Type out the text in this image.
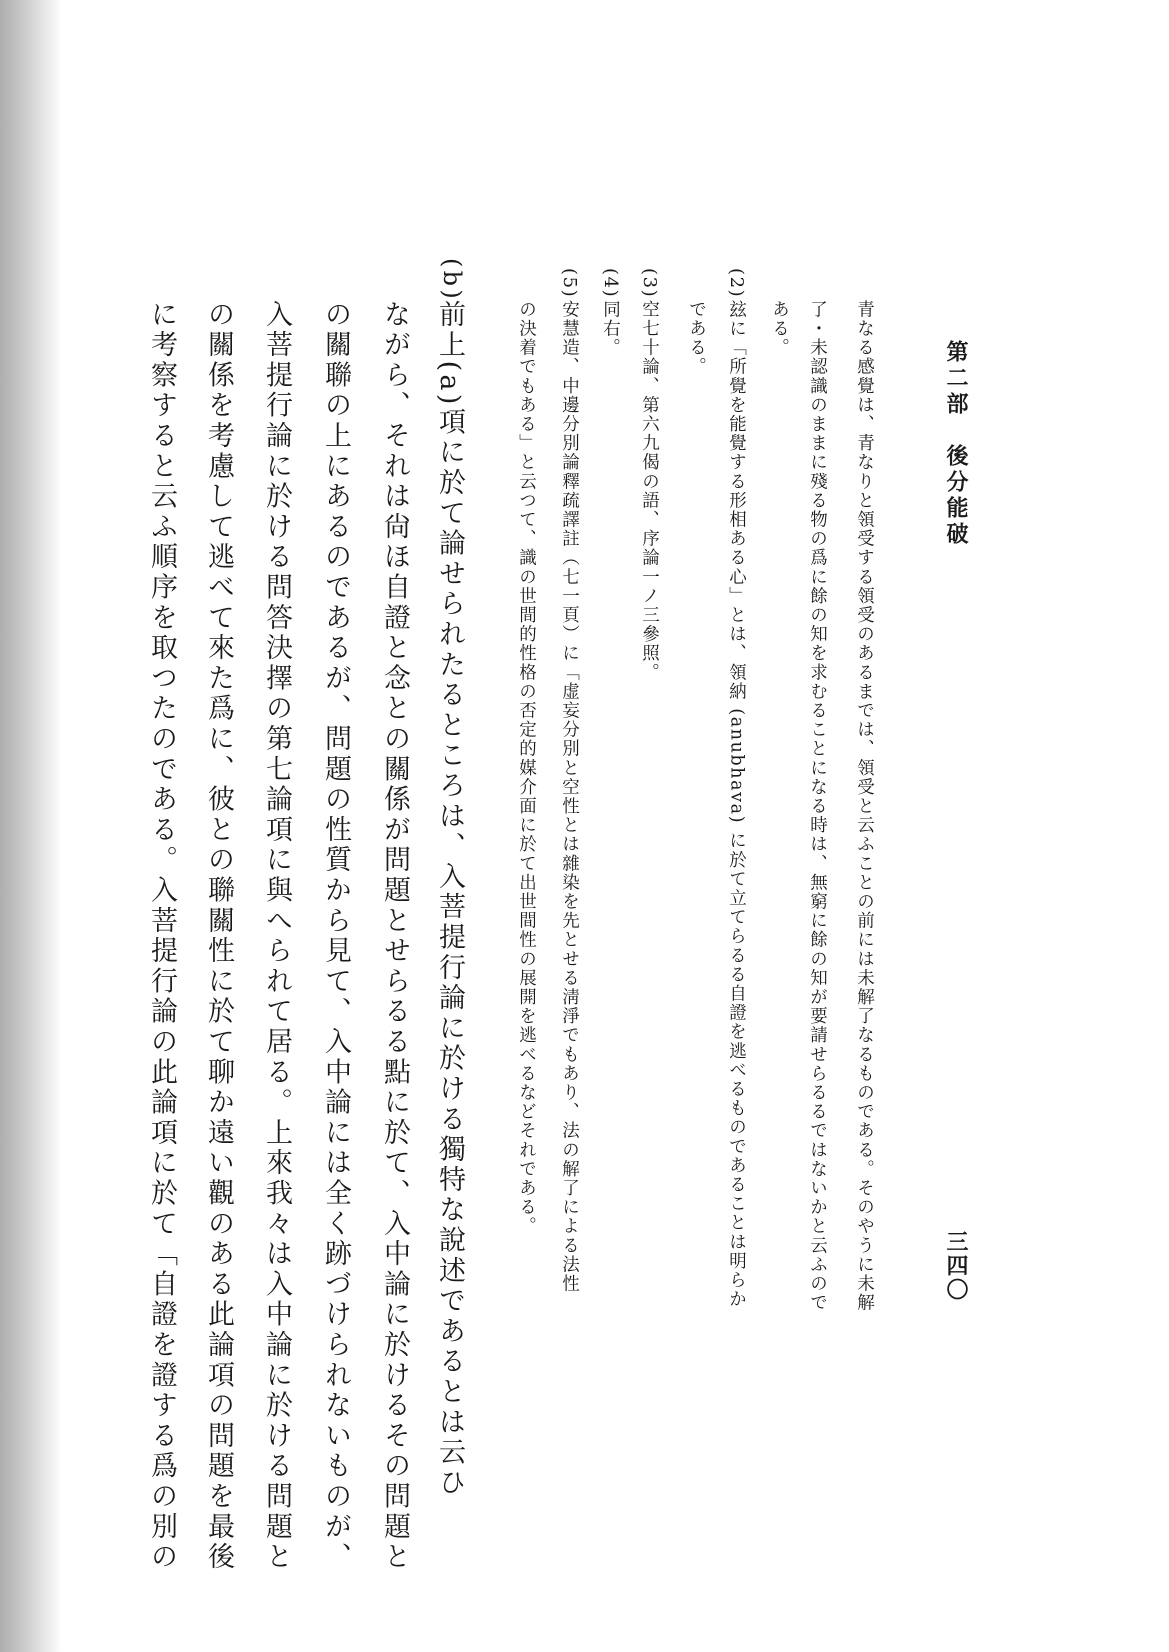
第二部　後分能破
三四〇
青なる感覺は、青なりと領受する領受のあるまでは、領受と云ふことの前には未解了なるものである。そのやうに未解
了・未認識のままに殘る物の爲に餘の知を求むることになる時は、無窮に餘の知が要請せらるるではないかと云ふので
ある。
(2)
玆に「所覺を能覺する形相ある心」とは、領納 (anubhava) に於て立てらるる自證を逃べるものであることは明らか
である。
(3)
空七十論、第六九偈の語、序論一ノ三參照。
(4)
同右。
(5)
安慧造、中邊分別論釋疏譯註（七一頁）に「虚妄分別と空性とは雜染を先とせる淸淨でもあり、法の解了による法性
の決着でもある」と云つて、識の世間的性格の否定的媒介面に於て出世間性の展開を逃べるなどそれである。
(b)
前上(a)項に於て論せられたるところは、入菩提行論に於ける獨特な說述であるとは云ひ
ながら、それは尙ほ自證と念との關係が問題とせらるる點に於て、入中論に於けるその問題と
の關聯の上にあるのであるが、問題の性質から見て、入中論には全く跡づけられないものが、
入菩提行論に於ける問答決擇の第七論項に與へられて居る。上來我々は入中論に於ける問題と
の關係を考慮して逃べて來た爲に、彼との聯關性に於て聊か遠い觀のある此論項の問題を最後
に考察すると云ふ順序を取つたのである。入菩提行論の此論項に於て「自證を證する爲の別の
